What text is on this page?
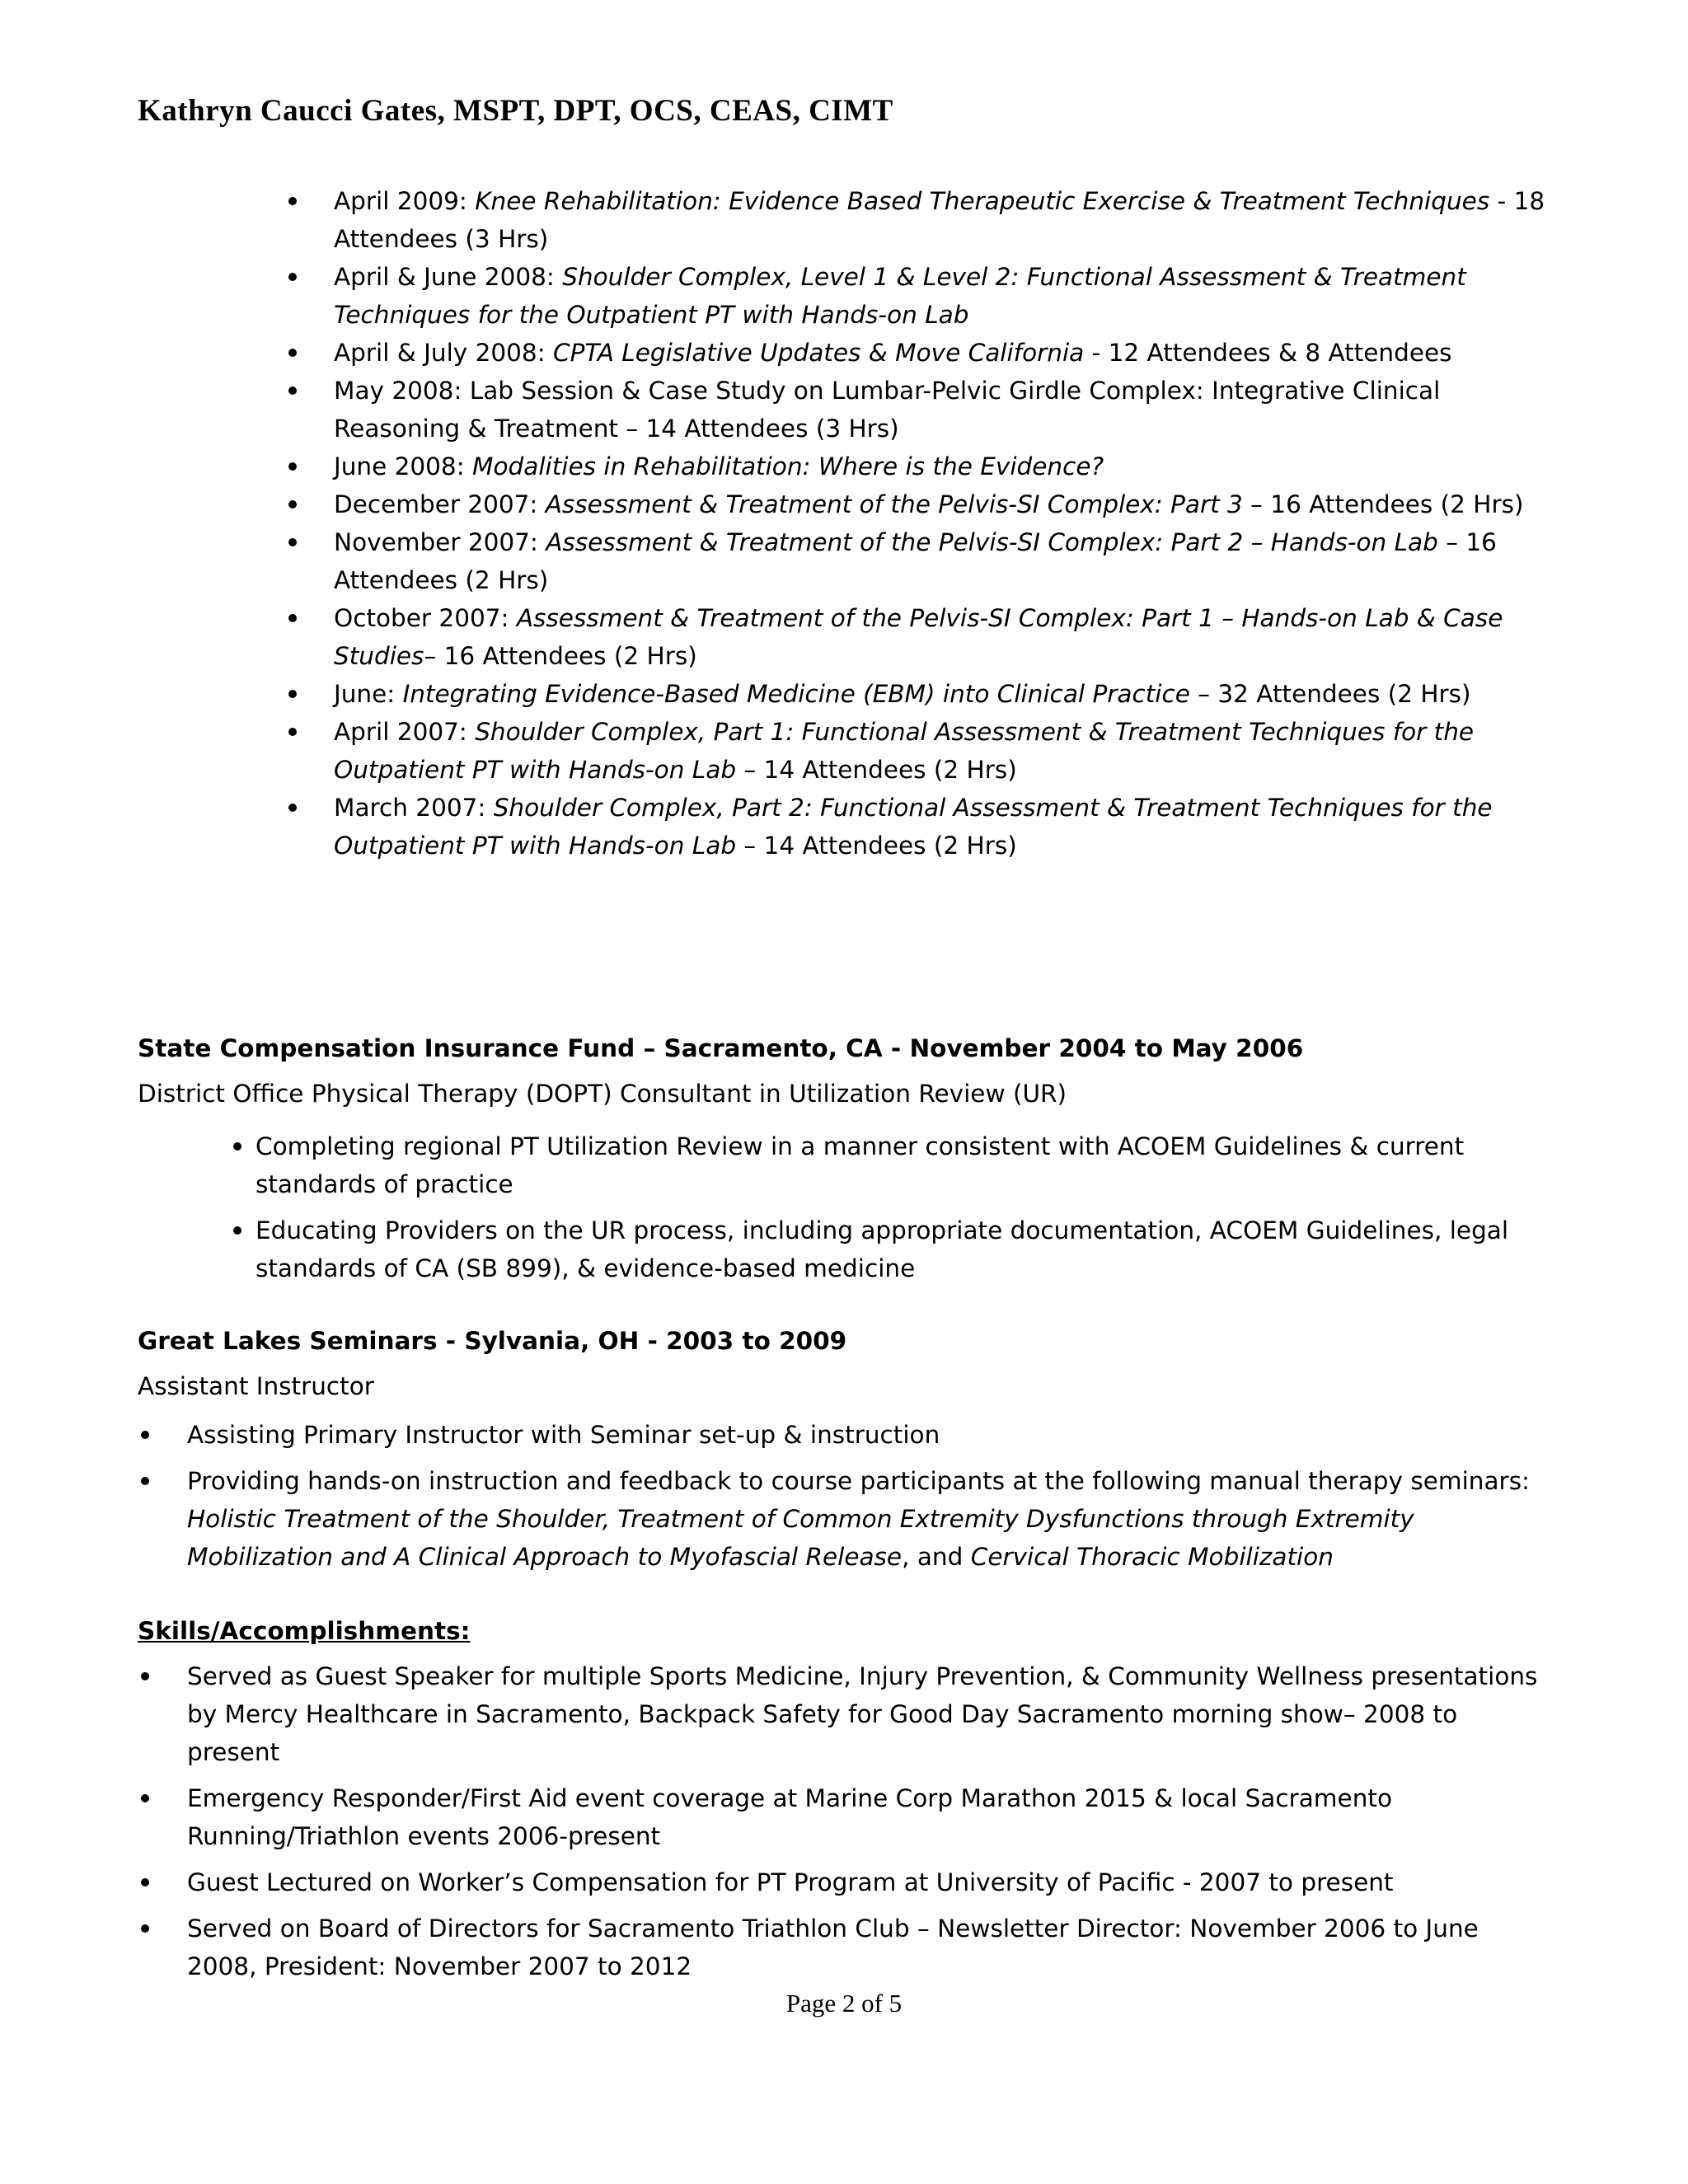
Kathryn Caucci Gates, MSPT, DPT, OCS, CEAS, CIMT
April 2009: Knee Rehabilitation: Evidence Based Therapeutic Exercise & Treatment Techniques - 18 Attendees (3 Hrs)
April & June 2008: Shoulder Complex, Level 1 & Level 2: Functional Assessment & Treatment Techniques for the Outpatient PT with Hands-on Lab
April & July 2008: CPTA Legislative Updates & Move California - 12 Attendees & 8 Attendees
May 2008: Lab Session & Case Study on Lumbar-Pelvic Girdle Complex: Integrative Clinical Reasoning & Treatment – 14 Attendees (3 Hrs)
June 2008: Modalities in Rehabilitation: Where is the Evidence?
December 2007: Assessment & Treatment of the Pelvis-SI Complex: Part 3 – 16 Attendees (2 Hrs)
November 2007: Assessment & Treatment of the Pelvis-SI Complex: Part 2 – Hands-on Lab – 16 Attendees (2 Hrs)
October 2007: Assessment & Treatment of the Pelvis-SI Complex: Part 1 – Hands-on Lab & Case Studies– 16 Attendees (2 Hrs)
June: Integrating Evidence-Based Medicine (EBM) into Clinical Practice – 32 Attendees (2 Hrs)
April 2007: Shoulder Complex, Part 1: Functional Assessment & Treatment Techniques for the Outpatient PT with Hands-on Lab – 14 Attendees (2 Hrs)
March 2007: Shoulder Complex, Part 2: Functional Assessment & Treatment Techniques for the Outpatient PT with Hands-on Lab – 14 Attendees (2 Hrs)
State Compensation Insurance Fund – Sacramento, CA - November 2004 to May 2006
District Office Physical Therapy (DOPT) Consultant in Utilization Review (UR)
Completing regional PT Utilization Review in a manner consistent with ACOEM Guidelines & current standards of practice
Educating Providers on the UR process, including appropriate documentation, ACOEM Guidelines, legal standards of CA (SB 899), & evidence-based medicine
Great Lakes Seminars - Sylvania, OH - 2003 to 2009
Assistant Instructor
Assisting Primary Instructor with Seminar set-up & instruction
Providing hands-on instruction and feedback to course participants at the following manual therapy seminars: Holistic Treatment of the Shoulder, Treatment of Common Extremity Dysfunctions through Extremity Mobilization and A Clinical Approach to Myofascial Release, and Cervical Thoracic Mobilization
Skills/Accomplishments:
Served as Guest Speaker for multiple Sports Medicine, Injury Prevention, & Community Wellness presentations by Mercy Healthcare in Sacramento, Backpack Safety for Good Day Sacramento morning show– 2008 to present
Emergency Responder/First Aid event coverage at Marine Corp Marathon 2015 & local Sacramento Running/Triathlon events 2006-present
Guest Lectured on Worker’s Compensation for PT Program at University of Pacific - 2007 to present
Served on Board of Directors for Sacramento Triathlon Club – Newsletter Director: November 2006 to June 2008, President: November 2007 to 2012
Page 2 of 5
